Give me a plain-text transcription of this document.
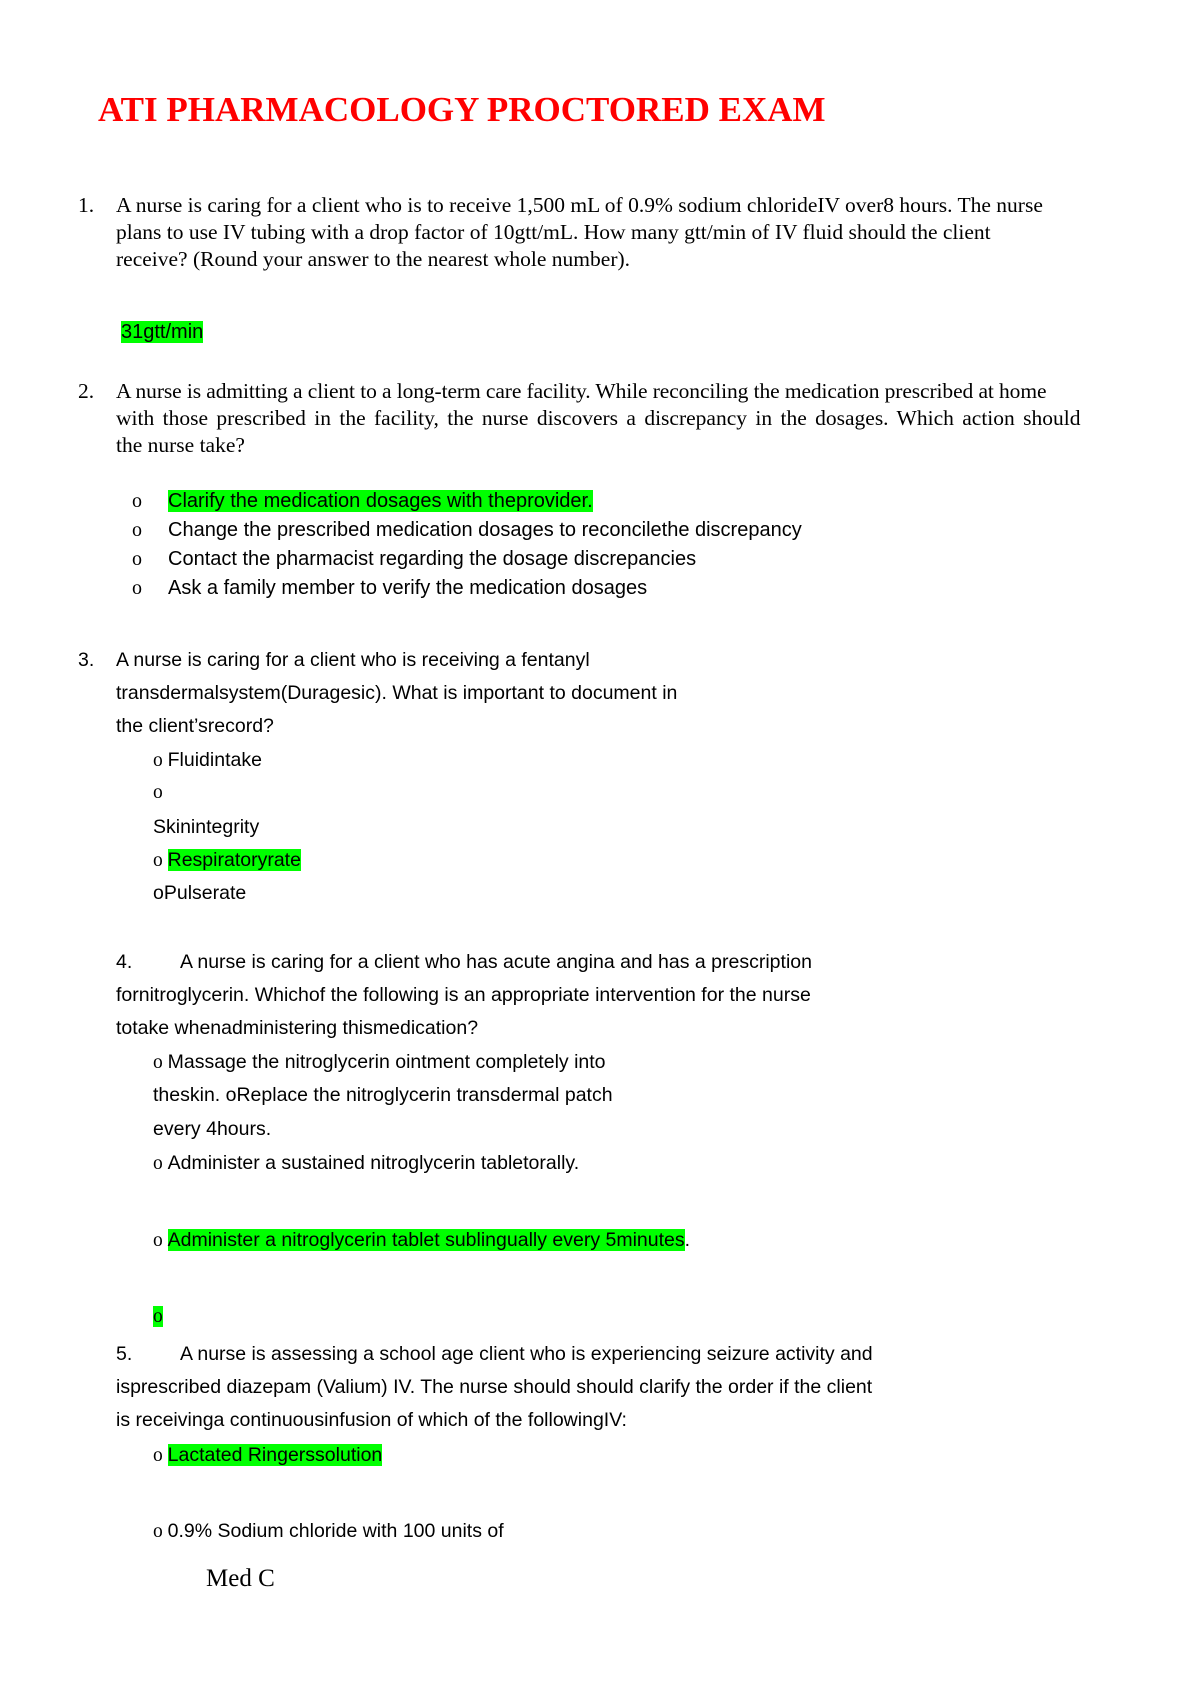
ATI PHARMACOLOGY PROCTORED EXAM
1. A nurse is caring for a client who is to receive 1,500 mL of 0.9% sodium chlorideIV over8 hours. The nurse
plans to use IV tubing with a drop factor of 10gtt/mL. How many gtt/min of IV fluid should the client
receive? (Round your answer to the nearest whole number).
31gtt/min
2. A nurse is admitting a client to a long-term care facility. While reconciling the medication prescribed at home
with those prescribed in the facility, the nurse discovers a discrepancy in the dosages. Which action should
the nurse take?
o Clarify the medication dosages with theprovider.
o Change the prescribed medication dosages to reconcilethe discrepancy
o Contact the pharmacist regarding the dosage discrepancies
o Ask a family member to verify the medication dosages
3. A nurse is caring for a client who is receiving a fentanyl
transdermalsystem(Duragesic). What is important to document in
the client’srecord?
o Fluidintake
o
Skinintegrity
o Respiratoryrate
oPulserate
4. A nurse is caring for a client who has acute angina and has a prescription
fornitroglycerin. Whichof the following is an appropriate intervention for the nurse
totake whenadministering thismedication?
o Massage the nitroglycerin ointment completely into
theskin. oReplace the nitroglycerin transdermal patch
every 4hours.
o Administer a sustained nitroglycerin tabletorally.
o Administer a nitroglycerin tablet sublingually every 5minutes.
o
5. A nurse is assessing a school age client who is experiencing seizure activity and
isprescribed diazepam (Valium) IV. The nurse should should clarify the order if the client
is receivinga continuousinfusion of which of the followingIV:
o Lactated Ringerssolution
o 0.9% Sodium chloride with 100 units of
Med C
